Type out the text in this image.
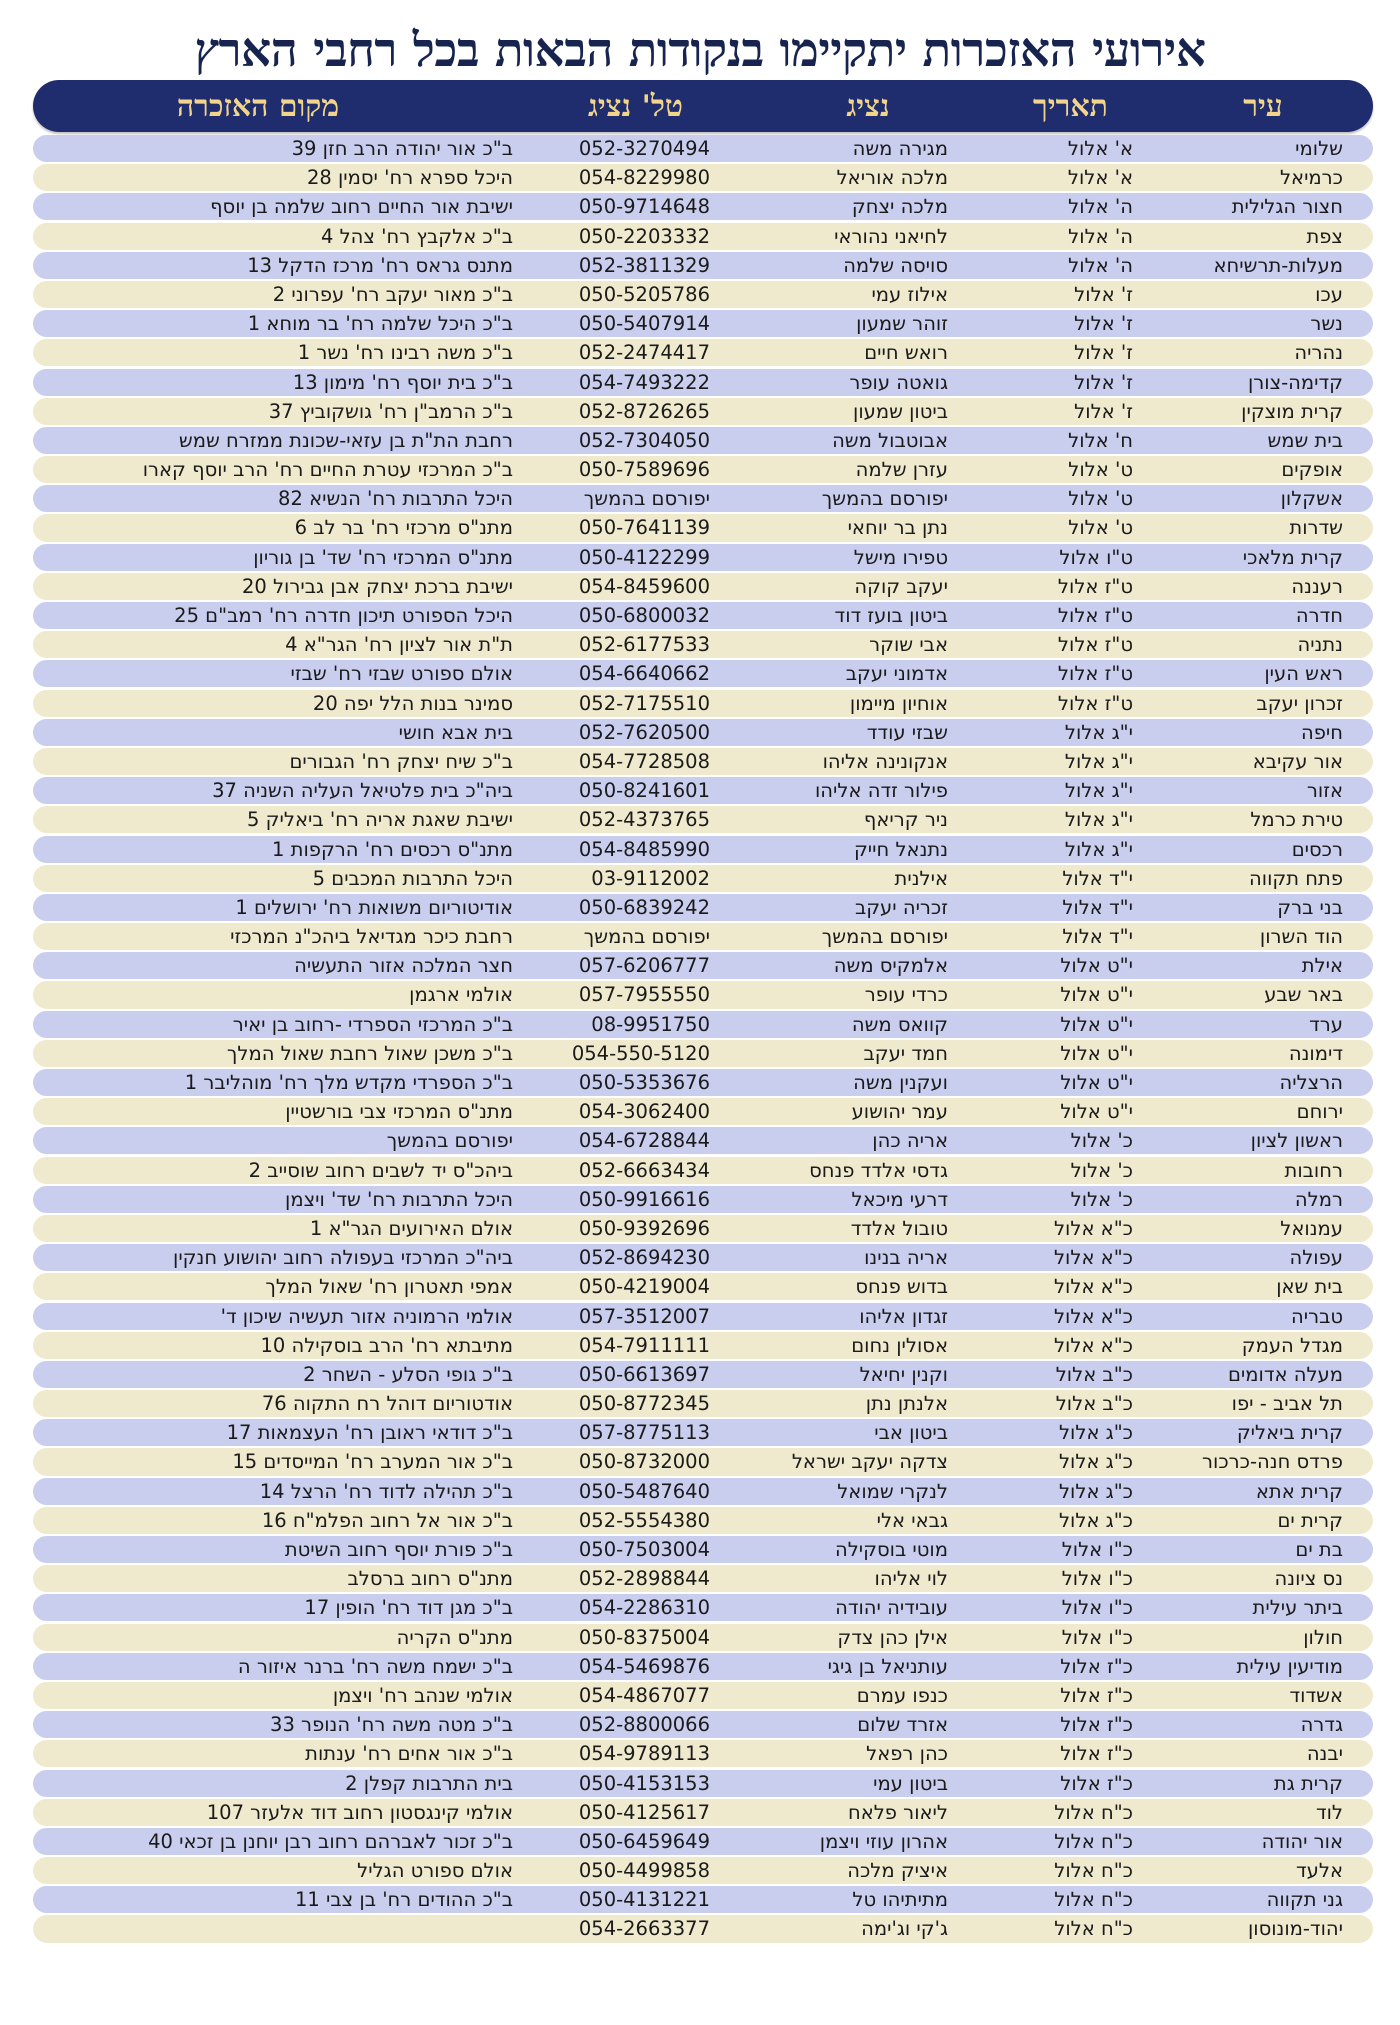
אירועי האזכרות יתקיימו בנקודות הבאות בכל רחבי הארץ
עיר
תאריך
נציג
טל' נציג
מקום האזכרה
שלומי
א' אלול
מגירה משה
052-3270494
ב"כ אור יהודה הרב חזן 39
כרמיאל
א' אלול
מלכה אוריאל
054-8229980
היכל ספרא רח' יסמין 28
חצור הגלילית
ה' אלול
מלכה יצחק
050-9714648
ישיבת אור החיים רחוב שלמה בן יוסף
צפת
ה' אלול
לחיאני נהוראי
050-2203332
ב"כ אלקבץ רח' צהל 4
מעלות-תרשיחא
ה' אלול
סויסה שלמה
052-3811329
מתנס גראס רח' מרכז הדקל 13
עכו
ז' אלול
אילוז עמי
050-5205786
ב"כ מאור יעקב רח' עפרוני 2
נשר
ז' אלול
זוהר שמעון
050-5407914
ב"כ היכל שלמה רח' בר מוחא 1
נהריה
ז' אלול
רואש חיים
052-2474417
ב"כ משה רבינו רח' נשר 1
קדימה-צורן
ז' אלול
גואטה עופר
054-7493222
ב"כ בית יוסף רח' מימון 13
קרית מוצקין
ז' אלול
ביטון שמעון
052-8726265
ב"כ הרמב"ן רח' גושקוביץ 37
בית שמש
ח' אלול
אבוטבול משה
052-7304050
רחבת הת"ת בן עזאי-שכונת ממזרח שמש
אופקים
ט' אלול
עזרן שלמה
050-7589696
ב"כ המרכזי עטרת החיים רח' הרב יוסף קארו
אשקלון
ט' אלול
יפורסם בהמשך
יפורסם בהמשך
היכל התרבות רח' הנשיא 82
שדרות
ט' אלול
נתן בר יוחאי
050-7641139
מתנ"ס מרכזי רח' בר לב 6
קרית מלאכי
ט"ו אלול
טפירו מישל
050-4122299
מתנ"ס המרכזי רח' שד' בן גוריון
רעננה
ט"ז אלול
יעקב קוקה
054-8459600
ישיבת ברכת יצחק אבן גבירול 20
חדרה
ט"ז אלול
ביטון בועז דוד
050-6800032
היכל הספורט תיכון חדרה רח' רמב"ם 25
נתניה
ט"ז אלול
אבי שוקר
052-6177533
ת"ת אור לציון רח' הגר"א 4
ראש העין
ט"ז אלול
אדמוני יעקב
054-6640662
אולם ספורט שבזי רח' שבזי
זכרון יעקב
ט"ז אלול
אוחיון מיימון
052-7175510
סמינר בנות הלל יפה 20
חיפה
י"ג אלול
שבזי עודד
052-7620500
בית אבא חושי
אור עקיבא
י"ג אלול
אנקונינה אליהו
054-7728508
ב"כ שיח יצחק רח' הגבורים
אזור
י"ג אלול
פילור זדה אליהו
050-8241601
ביה"כ בית פלטיאל העליה השניה 37
טירת כרמל
י"ג אלול
ניר קריאף
052-4373765
ישיבת שאגת אריה רח' ביאליק 5
רכסים
י"ג אלול
נתנאל חייק
054-8485990
מתנ"ס רכסים רח' הרקפות 1
פתח תקווה
י"ד אלול
אילנית
03-9112002
היכל התרבות המכבים 5
בני ברק
י"ד אלול
זכריה יעקב
050-6839242
אודיטוריום משואות רח' ירושלים 1
הוד השרון
י"ד אלול
יפורסם בהמשך
יפורסם בהמשך
רחבת כיכר מגדיאל ביהכ"נ המרכזי
אילת
י"ט אלול
אלמקיס משה
057-6206777
חצר המלכה אזור התעשיה
באר שבע
י"ט אלול
כרדי עופר
057-7955550
אולמי ארגמן
ערד
י"ט אלול
קוואס משה
08-9951750
ב"כ המרכזי הספרדי -רחוב בן יאיר
דימונה
י"ט אלול
חמד יעקב
054-550-5120
ב"כ משכן שאול רחבת שאול המלך
הרצליה
י"ט אלול
ועקנין משה
050-5353676
ב"כ הספרדי מקדש מלך רח' מוהליבר 1
ירוחם
י"ט אלול
עמר יהושוע
054-3062400
מתנ"ס המרכזי צבי בורשטיין
ראשון לציון
כ' אלול
אריה כהן
054-6728844
יפורסם בהמשך
רחובות
כ' אלול
גדסי אלדד פנחס
052-6663434
ביהכ"ס יד לשבים רחוב שוסייב 2
רמלה
כ' אלול
דרעי מיכאל
050-9916616
היכל התרבות רח' שד' ויצמן
עמנואל
כ"א אלול
טובול אלדד
050-9392696
אולם האירועים הגר"א 1
עפולה
כ"א אלול
אריה בנינו
052-8694230
ביה"כ המרכזי בעפולה רחוב יהושוע חנקין
בית שאן
כ"א אלול
בדוש פנחס
050-4219004
אמפי תאטרון רח' שאול המלך
טבריה
כ"א אלול
זגדון אליהו
057-3512007
אולמי הרמוניה אזור תעשיה שיכון ד'
מגדל העמק
כ"א אלול
אסולין נחום
054-7911111
מתיבתא רח' הרב בוסקילה 10
מעלה אדומים
כ"ב אלול
וקנין יחיאל
050-6613697
ב"כ גופי הסלע - השחר 2
תל אביב - יפו
כ"ב אלול
אלנתן נתן
050-8772345
אודטוריום דוהל רח התקוה 76
קרית ביאליק
כ"ג אלול
ביטון אבי
057-8775113
ב"כ דודאי ראובן רח' העצמאות 17
פרדס חנה-כרכור
כ"ג אלול
צדקה יעקב ישראל
050-8732000
ב"כ אור המערב רח' המייסדים 15
קרית אתא
כ"ג אלול
לנקרי שמואל
050-5487640
ב"כ תהילה לדוד רח' הרצל 14
קרית ים
כ"ג אלול
גבאי אלי
052-5554380
ב"כ אור אל רחוב הפלמ"ח 16
בת ים
כ"ו אלול
מוטי בוסקילה
050-7503004
ב"כ פורת יוסף רחוב השיטת
נס ציונה
כ"ו אלול
לוי אליהו
052-2898844
מתנ"ס רחוב ברסלב
ביתר עילית
כ"ו אלול
עובידיה יהודה
054-2286310
ב"כ מגן דוד רח' הופין 17
חולון
כ"ו אלול
אילן כהן צדק
050-8375004
מתנ"ס הקריה
מודיעין עילית
כ"ז אלול
עותניאל בן גיגי
054-5469876
ב"כ ישמח משה רח' ברנר איזור ה
אשדוד
כ"ז אלול
כנפו עמרם
054-4867077
אולמי שנהב רח' ויצמן
גדרה
כ"ז אלול
אזרד שלום
052-8800066
ב"כ מטה משה רח' הנופר 33
יבנה
כ"ז אלול
כהן רפאל
054-9789113
ב"כ אור אחים רח' ענתות
קרית גת
כ"ז אלול
ביטון עמי
050-4153153
בית התרבות קפלן 2
לוד
כ"ח אלול
ליאור פלאח
050-4125617
אולמי קינגסטון רחוב דוד אלעזר 107
אור יהודה
כ"ח אלול
אהרון עוזי ויצמן
050-6459649
ב"כ זכור לאברהם רחוב רבן יוחנן בן זכאי 40
אלעד
כ"ח אלול
איציק מלכה
050-4499858
אולם ספורט הגליל
גני תקווה
כ"ח אלול
מתיתיהו טל
050-4131221
ב"כ ההודים רח' בן צבי 11
יהוד-מונוסון
כ"ח אלול
ג'קי וג'ימה
054-2663377
